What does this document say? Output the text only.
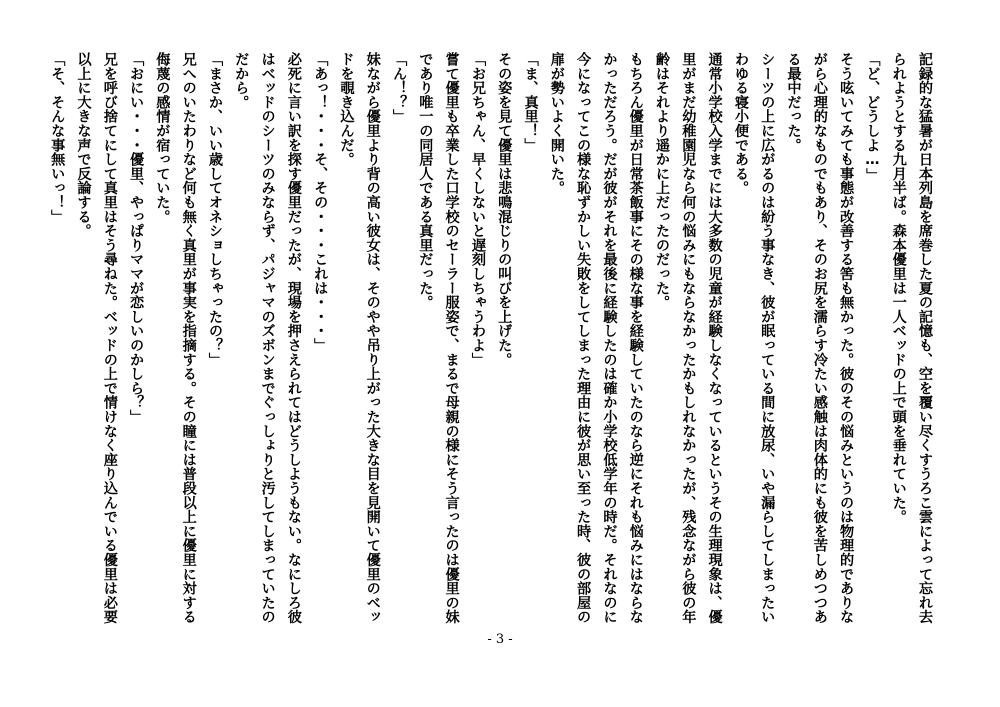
記録的な猛暑が日本列島を席巻した夏の記憶も、空を覆い尽くすうろこ雲によって忘れ去
られようとする九月半ば。森本優里は一人ベッドの上で頭を垂れていた。
「ど、どうしよ…」
そう呟いてみても事態が改善する筈も無かった。彼のその悩みというのは物理的でありな
がら心理的なものでもあり、そのお尻を濡らす冷たい感触は肉体的にも彼を苦しめつつあ
る最中だった。
シーツの上に広がるのは紛う事なき、彼が眠っている間に放尿、いや漏らしてしまったい
わゆる寝小便である。
通常小学校入学までには大多数の児童が経験しなくなっているというその生理現象は、優
里がまだ幼稚園児なら何の悩みにもならなかったかもしれなかったが、残念ながら彼の年
齢はそれより遥かに上だったのだった。
もちろん優里が日常茶飯事にその様な事を経験していたのなら逆にそれも悩みにはならな
かっただろう。だが彼がそれを最後に経験したのは確か小学校低学年の時だ。それなのに
今になってこの様な恥ずかしい失敗をしてしまった理由に彼が思い至った時、彼の部屋の
扉が勢いよく開いた。
「ま、真里！」
その姿を見て優里は悲鳴混じりの叫びを上げた。
「お兄ちゃん、早くしないと遅刻しちゃうわよ」
嘗て優里も卒業した口学校のセーラー服姿で、まるで母親の様にそう言ったのは優里の妹
であり唯一の同居人である真里だった。
「ん！？」
妹ながら優里より背の高い彼女は、そのやや吊り上がった大きな目を見開いて優里のベッ
ドを覗き込んだ。
「あっ！・・・そ、その・・・これは・・・」
必死に言い訳を探す優里だったが、現場を押さえられてはどうしようもない。なにしろ彼
はベッドのシーツのみならず、パジャマのズボンまでぐっしょりと汚してしまっていたの
だから。
「まさか、いい歳してオネショしちゃったの？」
兄へのいたわりなど何も無く真里が事実を指摘する。その瞳には普段以上に優里に対する
侮蔑の感情が宿っていた。
「おにい・・・優里、やっぱりママが恋しいのかしら？」
兄を呼び捨てにして真里はそう尋ねた。ベッドの上で情けなく座り込んでいる優里は必要
以上に大きな声で反論する。
「そ、そんな事無いっ！」
- 3 -
